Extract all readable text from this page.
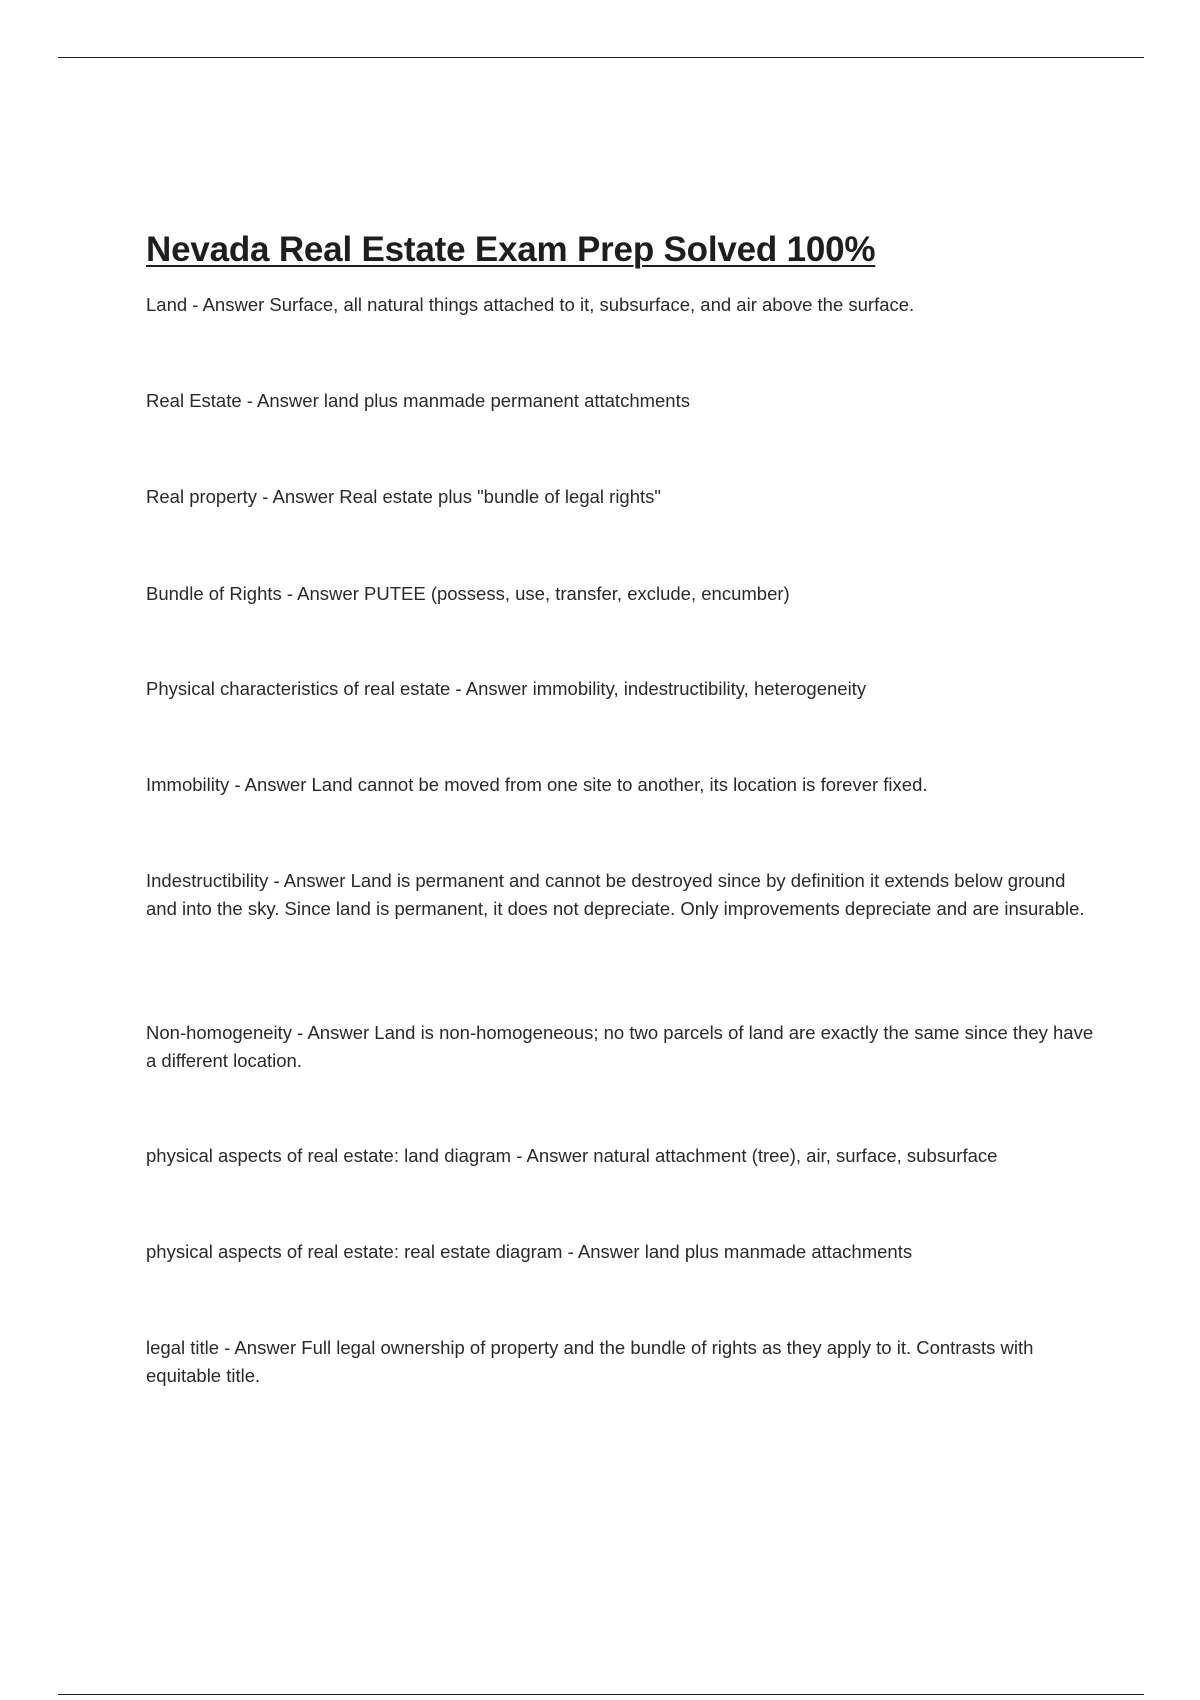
Nevada Real Estate Exam Prep Solved 100%
Land - Answer Surface, all natural things attached to it, subsurface, and air above the surface.
Real Estate - Answer land plus manmade permanent attatchments
Real property - Answer Real estate plus "bundle of legal rights"
Bundle of Rights - Answer PUTEE (possess, use, transfer, exclude, encumber)
Physical characteristics of real estate - Answer immobility, indestructibility, heterogeneity
Immobility - Answer Land cannot be moved from one site to another, its location is forever fixed.
Indestructibility - Answer Land is permanent and cannot be destroyed since by definition it extends below ground and into the sky. Since land is permanent, it does not depreciate. Only improvements depreciate and are insurable.
Non-homogeneity - Answer Land is non-homogeneous; no two parcels of land are exactly the same since they have a different location.
physical aspects of real estate: land diagram - Answer natural attachment (tree), air, surface, subsurface
physical aspects of real estate: real estate diagram - Answer land plus manmade attachments
legal title - Answer Full legal ownership of property and the bundle of rights as they apply to it. Contrasts with equitable title.
